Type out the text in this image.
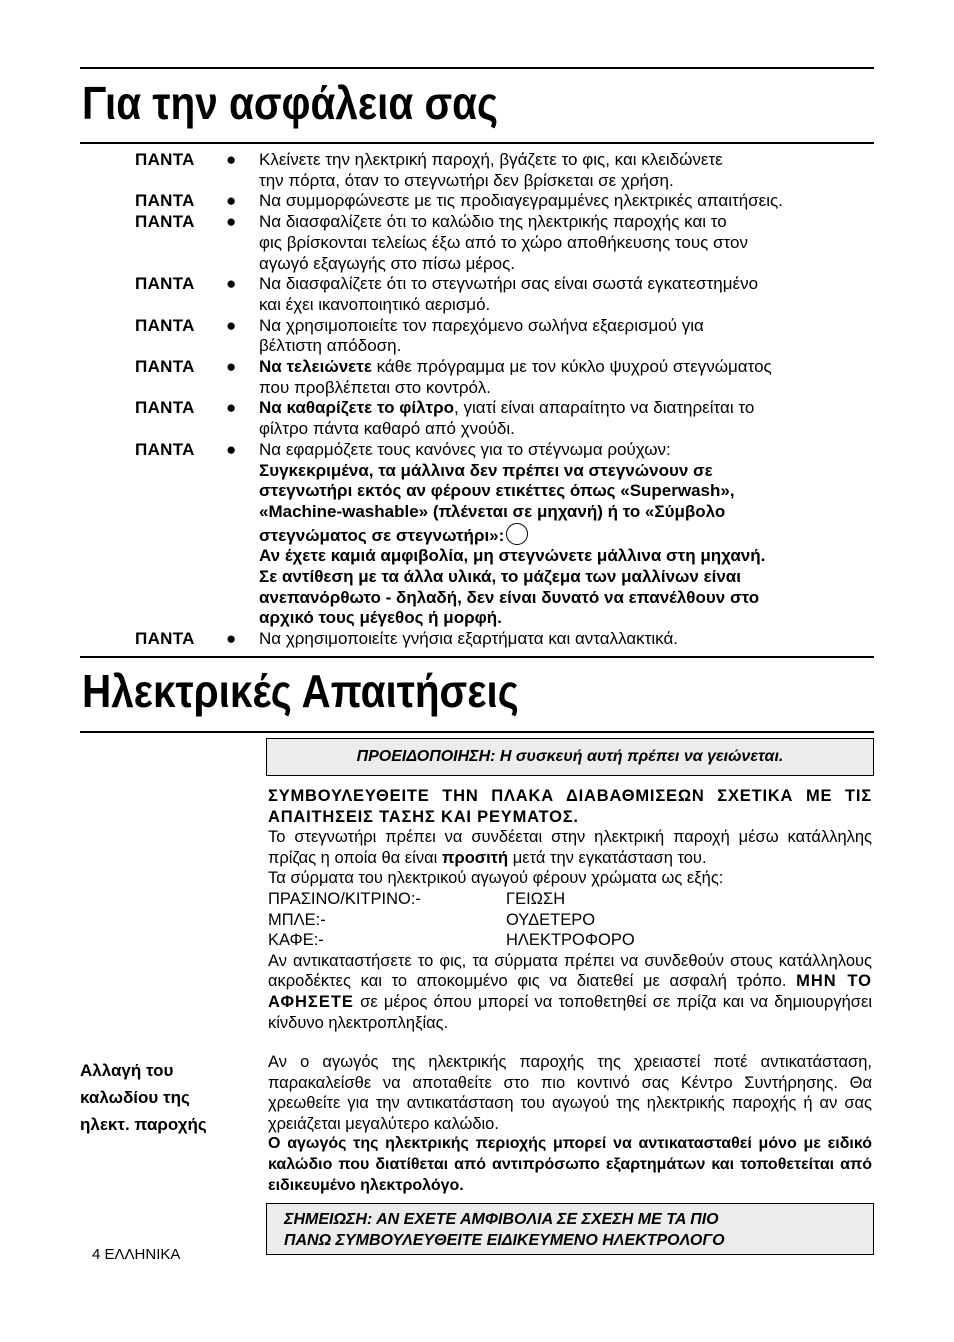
Για την ασφάλεια σας
ΠΑΝΤΑ	● Κλείνετε την ηλεκτρική παροχή, βγάζετε το φις, και κλειδώνετε
την πόρτα, όταν το στεγνωτήρι δεν βρίσκεται σε χρήση.
ΠΑΝΤΑ	● Να συμμορφώνεστε με τις προδιαγεγραμμένες ηλεκτρικές απαιτήσεις.
ΠΑΝΤΑ	● Να διασφαλίζετε ότι το καλώδιο της ηλεκτρικής παροχής και το
φις βρίσκονται τελείως έξω από το χώρο αποθήκευσης τους στον
αγωγό εξαγωγής στο πίσω μέρος.
ΠΑΝΤΑ	● Να διασφαλίζετε ότι το στεγνωτήρι σας είναι σωστά εγκατεστημένο
και έχει ικανοποιητικό αερισμό.
ΠΑΝΤΑ	● Να χρησιμοποιείτε τον παρεχόμενο σωλήνα εξαερισμού για
βέλτιστη απόδοση.
ΠΑΝΤΑ	● Να τελειώνετε κάθε πρόγραμμα με τον κύκλο ψυχρού στεγνώματος
που προβλέπεται στο κοντρόλ.
ΠΑΝΤΑ	● Να καθαρίζετε το φίλτρο, γιατί είναι απαραίτητο να διατηρείται το
φίλτρο πάντα καθαρό από χνούδι.
ΠΑΝΤΑ	● Να εφαρμόζετε τους κανόνες για το στέγνωμα ρούχων:
Συγκεκριμένα, τα μάλλινα δεν πρέπει να στεγνώνουν σε
στεγνωτήρι εκτός αν φέρουν ετικέττες όπως «Superwash»,
«Machine-washable» (πλένεται σε μηχανή) ή το «Σύμβολο
στεγνώματος σε στεγνωτήρι»:
Αν έχετε καμιά αμφιβολία, μη στεγνώνετε μάλλινα στη μηχανή.
Σε αντίθεση με τα άλλα υλικά, το μάζεμα των μαλλίνων είναι
ανεπανόρθωτο - δηλαδή, δεν είναι δυνατό να επανέλθουν στο
αρχικό τους μέγεθος ή μορφή.
ΠΑΝΤΑ	● Να χρησιμοποιείτε γνήσια εξαρτήματα και ανταλλακτικά.
Ηλεκτρικές Απαιτήσεις
ΠΡΟΕΙΔΟΠΟΙΗΣΗ: Η συσκευή αυτή πρέπει να γειώνεται.
ΣΥΜΒΟΥΛΕΥΘΕΙΤΕ ΤΗΝ ΠΛΑΚΑ ΔΙΑΒΑΘΜΙΣΕΩΝ ΣΧΕΤΙΚΑ ΜΕ ΤΙΣ ΑΠΑΙΤΗΣΕΙΣ ΤΑΣΗΣ ΚΑΙ ΡΕΥΜΑΤΟΣ.
Το στεγνωτήρι πρέπει να συνδέεται στην ηλεκτρική παροχή μέσω κατάλληλης πρίζας η οποία θα είναι προσιτή μετά την εγκατάσταση του.
Τα σύρματα του ηλεκτρικού αγωγού φέρουν χρώματα ως εξής:
ΠΡΑΣΙΝΟ/ΚΙΤΡΙΝΟ:-	ΓΕΙΩΣΗ
ΜΠΛΕ:-	ΟΥΔΕΤΕΡΟ
ΚΑΦΕ:-	ΗΛΕΚΤΡΟΦΟΡΟ
Αν αντικαταστήσετε το φις, τα σύρματα πρέπει να συνδεθούν στους κατάλληλους ακροδέκτες και το αποκομμένο φις να διατεθεί με ασφαλή τρόπο. ΜΗΝ ΤΟ ΑΦΗΣΕΤΕ σε μέρος όπου μπορεί να τοποθετηθεί σε πρίζα και να δημιουργήσει κίνδυνο ηλεκτροπληξίας.
Αλλαγή του
καλωδίου της
ηλεκτ. παροχής
Αν ο αγωγός της ηλεκτρικής παροχής της χρειαστεί ποτέ αντικατάσταση, παρακαλείσθε να αποταθείτε στο πιο κοντινό σας Κέντρο Συντήρησης. Θα χρεωθείτε για την αντικατάσταση του αγωγού της ηλεκτρικής παροχής ή αν σας χρειάζεται μεγαλύτερο καλώδιο.
Ο αγωγός της ηλεκτρικής περιοχής μπορεί να αντικατασταθεί μόνο με ειδικό καλώδιο που διατίθεται από αντιπρόσωπο εξαρτημάτων και τοποθετείται από ειδικευμένο ηλεκτρολόγο.
ΣΗΜΕΙΩΣΗ: ΑΝ ΕΧΕΤΕ ΑΜΦΙΒΟΛΙΑ ΣΕ ΣΧΕΣΗ ΜΕ ΤΑ ΠΙΟ
ΠΑΝΩ ΣΥΜΒΟΥΛΕΥΘΕΙΤΕ ΕΙΔΙΚΕΥΜΕΝΟ ΗΛΕΚΤΡΟΛΟΓΟ
4 ΕΛΛΗΝΙΚΑ
